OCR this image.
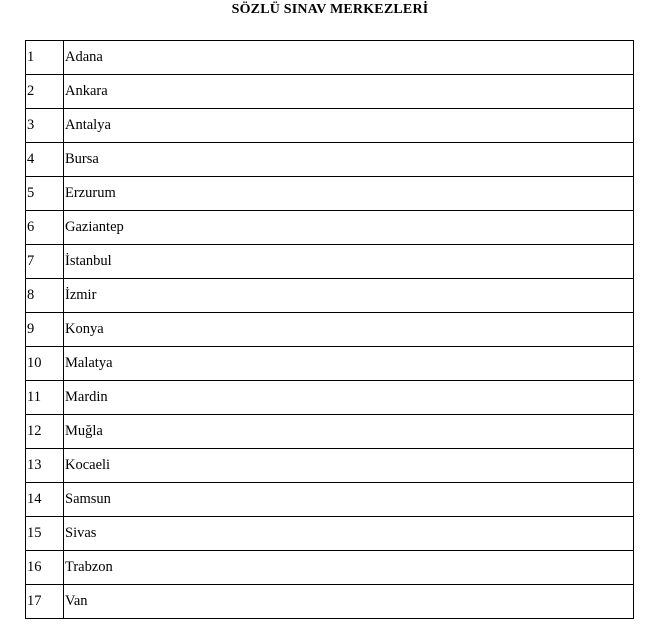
SÖZLÜ SINAV MERKEZLERİ
1	Adana
2	Ankara
3	Antalya
4	Bursa
5	Erzurum
6	Gaziantep
7	İstanbul
8	İzmir
9	Konya
10	Malatya
11	Mardin
12	Muğla
13	Kocaeli
14	Samsun
15	Sivas
16	Trabzon
17	Van
